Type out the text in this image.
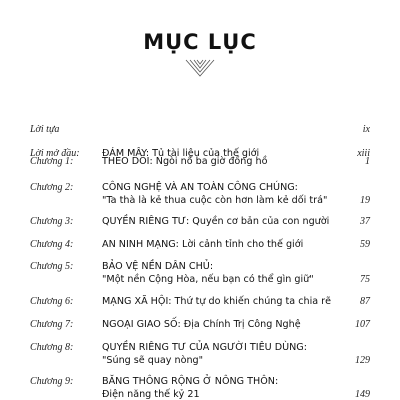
MỤC LỤC
Lời tựa	ix
Lời mở đầu: ĐÁM MÂY: Tủ tài liệu của thế giới	xiii
Chương 1:	THEO DÕI: Ngòi nổ ba giờ đồng hồ	1
Chương 2:	CÔNG NGHỆ VÀ AN TOÀN CÔNG CHÚNG:
"Ta thà là kẻ thua cuộc còn hơn làm kẻ dối trá"	19
Chương 3:	QUYỀN RIÊNG TƯ: Quyền cơ bản của con người	37
Chương 4:	AN NINH MẠNG: Lời cảnh tỉnh cho thế giới	59
Chương 5:	BẢO VỆ NỀN DÂN CHỦ:
"Một nền Cộng Hòa, nếu bạn có thể gìn giữ"	75
Chương 6:	MẠNG XÃ HỘI: Thứ tự do khiến chúng ta chia rẽ	87
Chương 7:	NGOẠI GIAO SỐ: Địa Chính Trị Công Nghệ	107
Chương 8:	QUYỀN RIÊNG TƯ CỦA NGƯỜI TIÊU DÙNG:
"Súng sẽ quay nòng"	129
Chương 9:	BĂNG THÔNG RỘNG Ở NÔNG THÔN:
Điện năng thế kỷ 21	149
